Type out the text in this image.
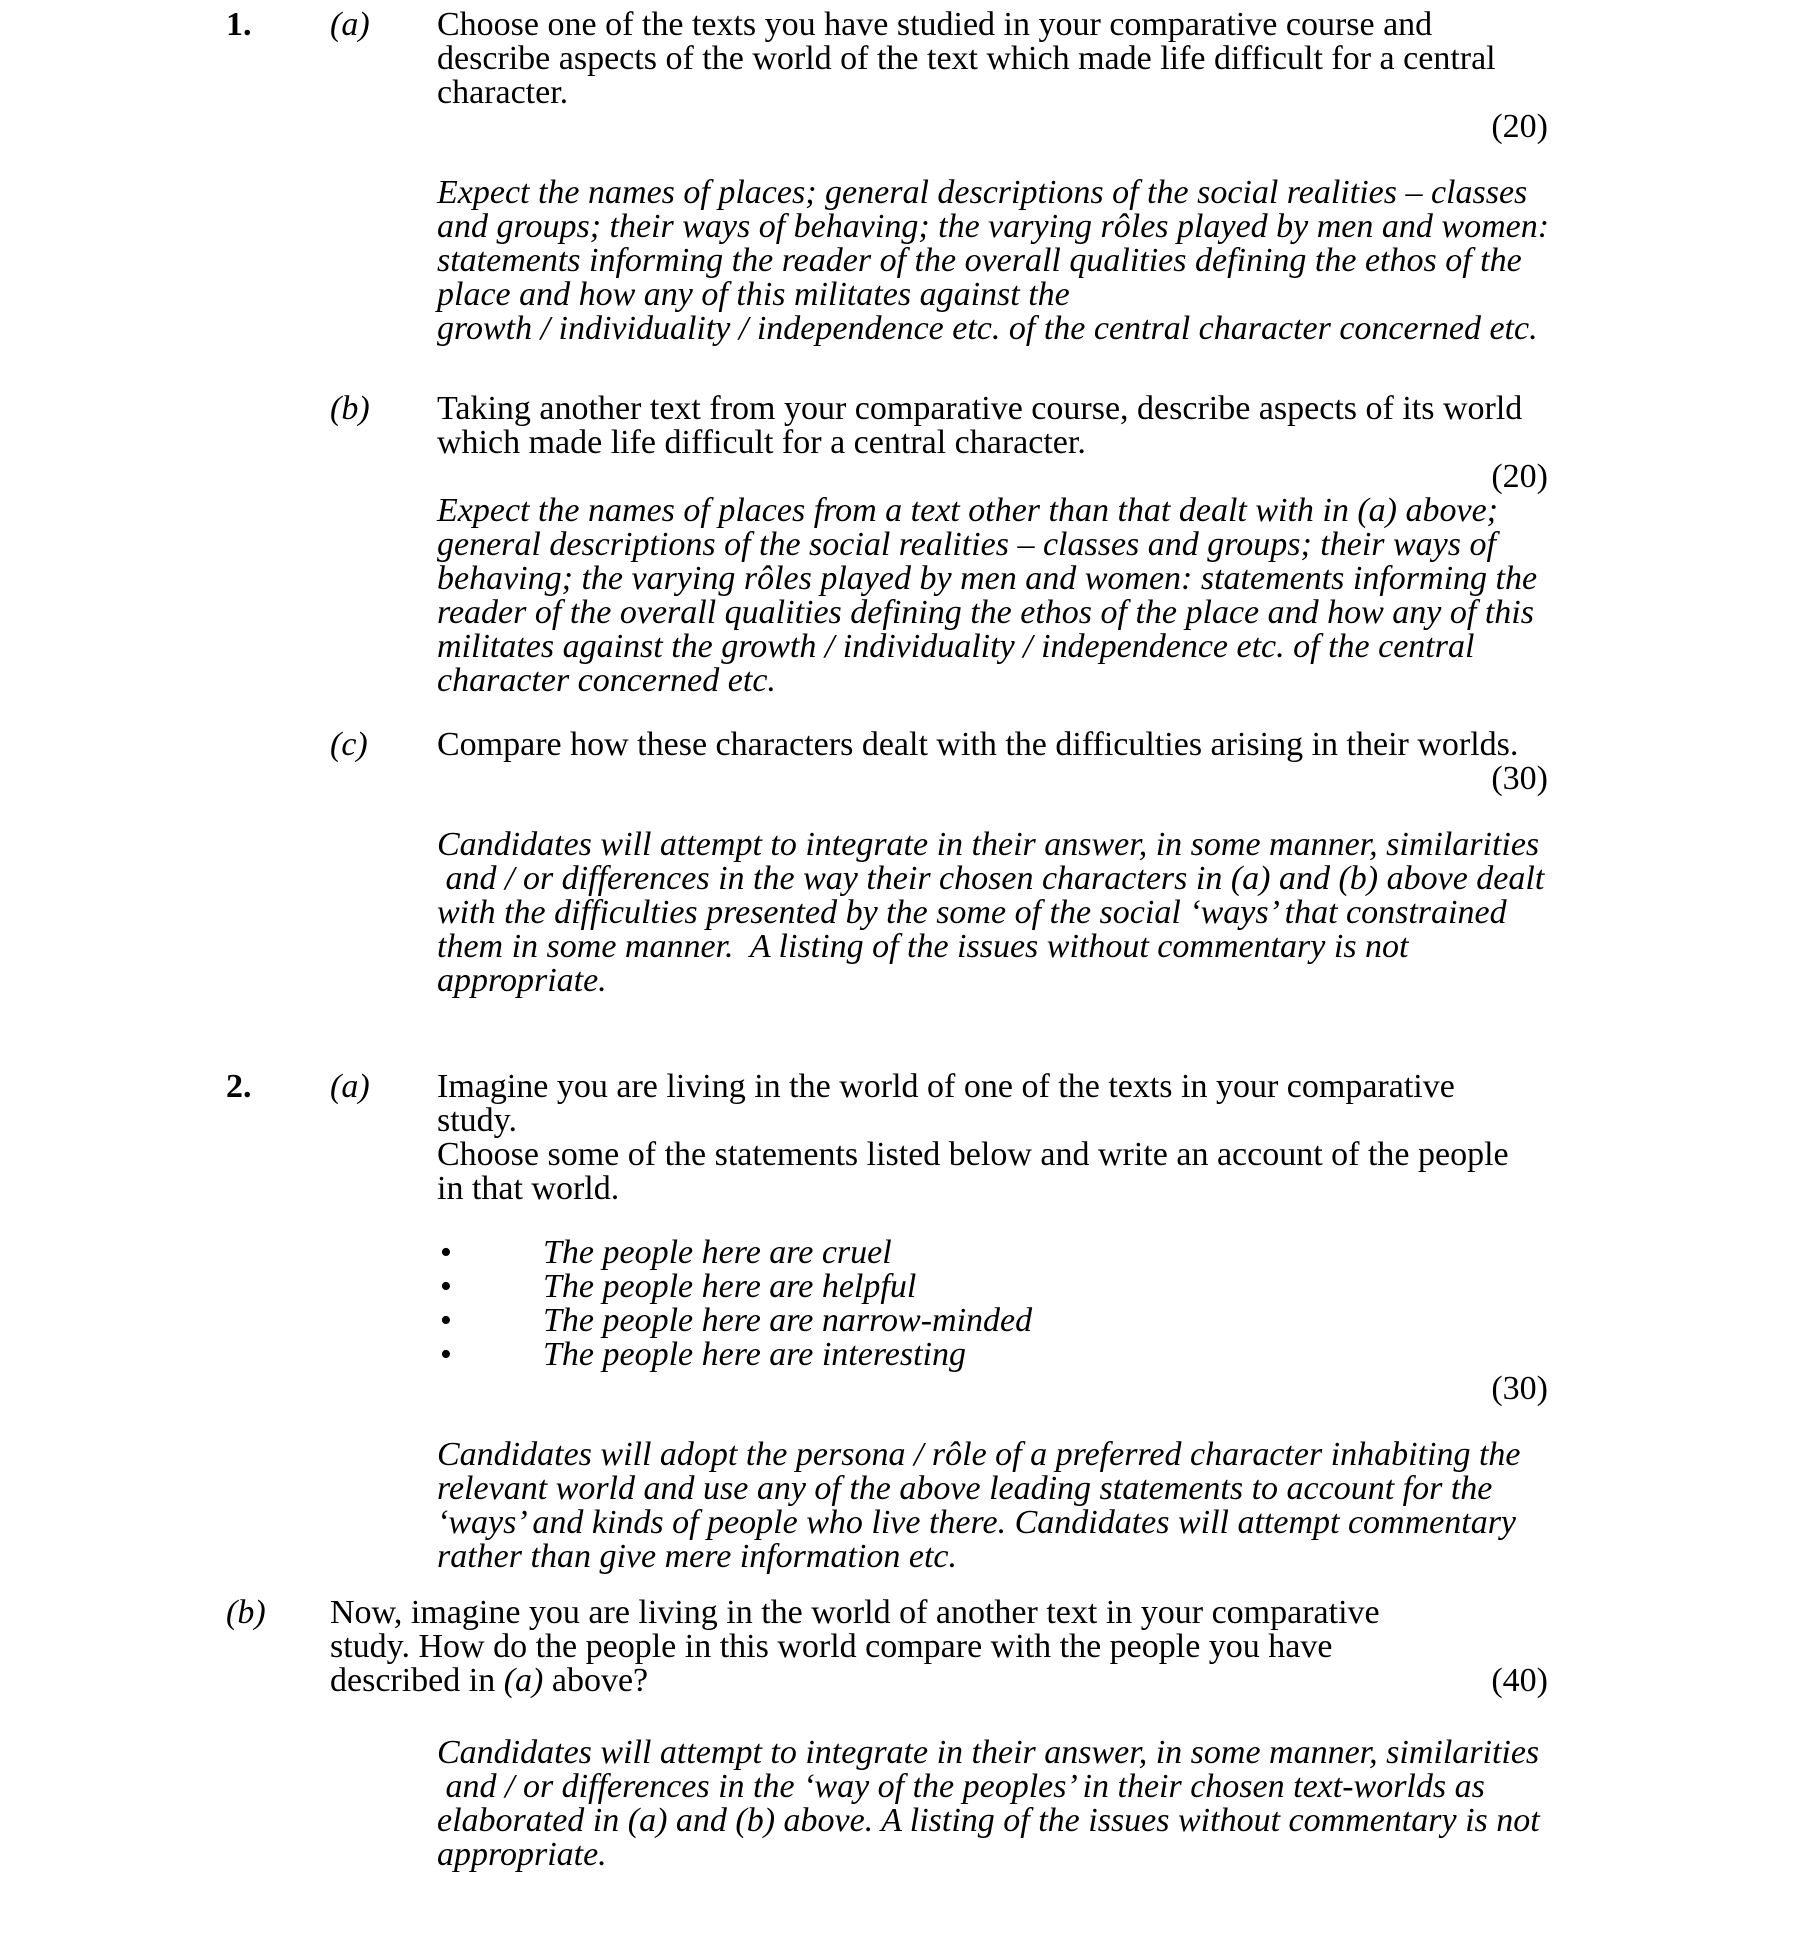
1. (a) Choose one of the texts you have studied in your comparative course and
describe aspects of the world of the text which made life difficult for a central
character.
(20)
Expect the names of places; general descriptions of the social realities – classes
and groups; their ways of behaving; the varying rôles played by men and women:
statements informing the reader of the overall qualities defining the ethos of the
place and how any of this militates against the
growth / individuality / independence etc. of the central character concerned etc.
(b) Taking another text from your comparative course, describe aspects of its world
which made life difficult for a central character.
(20)
Expect the names of places from a text other than that dealt with in (a) above;
general descriptions of the social realities – classes and groups; their ways of
behaving; the varying rôles played by men and women: statements informing the
reader of the overall qualities defining the ethos of the place and how any of this
militates against the growth / individuality / independence etc. of the central
character concerned etc.
(c) Compare how these characters dealt with the difficulties arising in their worlds.
(30)
Candidates will attempt to integrate in their answer, in some manner, similarities
and / or differences in the way their chosen characters in (a) and (b) above dealt
with the difficulties presented by the some of the social ‘ways’ that constrained
them in some manner.  A listing of the issues without commentary is not
appropriate.
2. (a) Imagine you are living in the world of one of the texts in your comparative
study.
Choose some of the statements listed below and write an account of the people
in that world.
•	The people here are cruel
•	The people here are helpful
•	The people here are narrow-minded
•	The people here are interesting
(30)
Candidates will adopt the persona / rôle of a preferred character inhabiting the
relevant world and use any of the above leading statements to account for the
‘ways’ and kinds of people who live there. Candidates will attempt commentary
rather than give mere information etc.
(b) Now, imagine you are living in the world of another text in your comparative
study. How do the people in this world compare with the people you have
described in (a) above?	(40)
Candidates will attempt to integrate in their answer, in some manner, similarities
and / or differences in the ‘way of the peoples’ in their chosen text-worlds as
elaborated in (a) and (b) above. A listing of the issues without commentary is not
appropriate.
